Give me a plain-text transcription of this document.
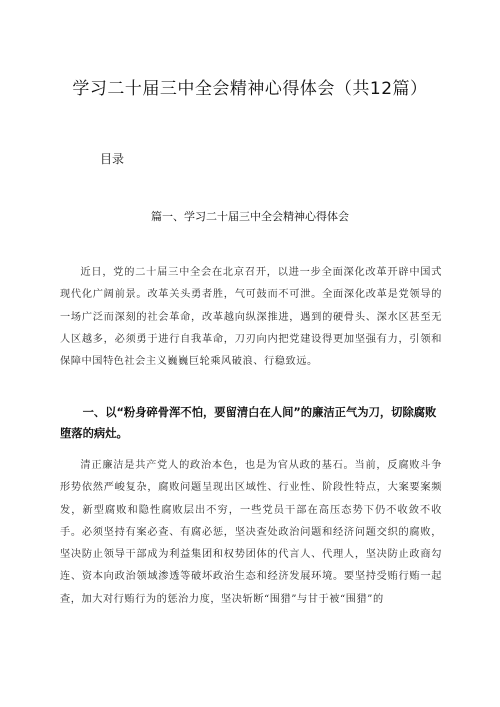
学习二十届三中全会精神心得体会（共12篇）
目录
篇一、学习二十届三中全会精神心得体会

近日，党的二十届三中全会在北京召开，以进一步全面深化改革开辟中国式现代化广阔前景。改革关头勇者胜，气可鼓而不可泄。全面深化改革是党领导的一场广泛而深刻的社会革命，改革越向纵深推进，遇到的硬骨头、深水区甚至无人区越多，必须勇于进行自我革命，刀刃向内把党建设得更加坚强有力，引领和保障中国特色社会主义巍巍巨轮乘风破浪、行稳致远。

一、以“粉身碎骨浑不怕，要留清白在人间”的廉洁正气为刀，切除腐败堕落的病灶。

清正廉洁是共产党人的政治本色，也是为官从政的基石。当前，反腐败斗争形势依然严峻复杂，腐败问题呈现出区域性、行业性、阶段性特点，大案要案频发，新型腐败和隐性腐败层出不穷，一些党员干部在高压态势下仍不收敛不收手。必须坚持有案必查、有腐必惩，坚决查处政治问题和经济问题交织的腐败，坚决防止领导干部成为利益集团和权势团体的代言人、代理人，坚决防止政商勾连、资本向政治领域渗透等破坏政治生态和经济发展环境。要坚持受贿行贿一起查，加大对行贿行为的惩治力度，坚决斩断“围猎”与甘于被“围猎”的
